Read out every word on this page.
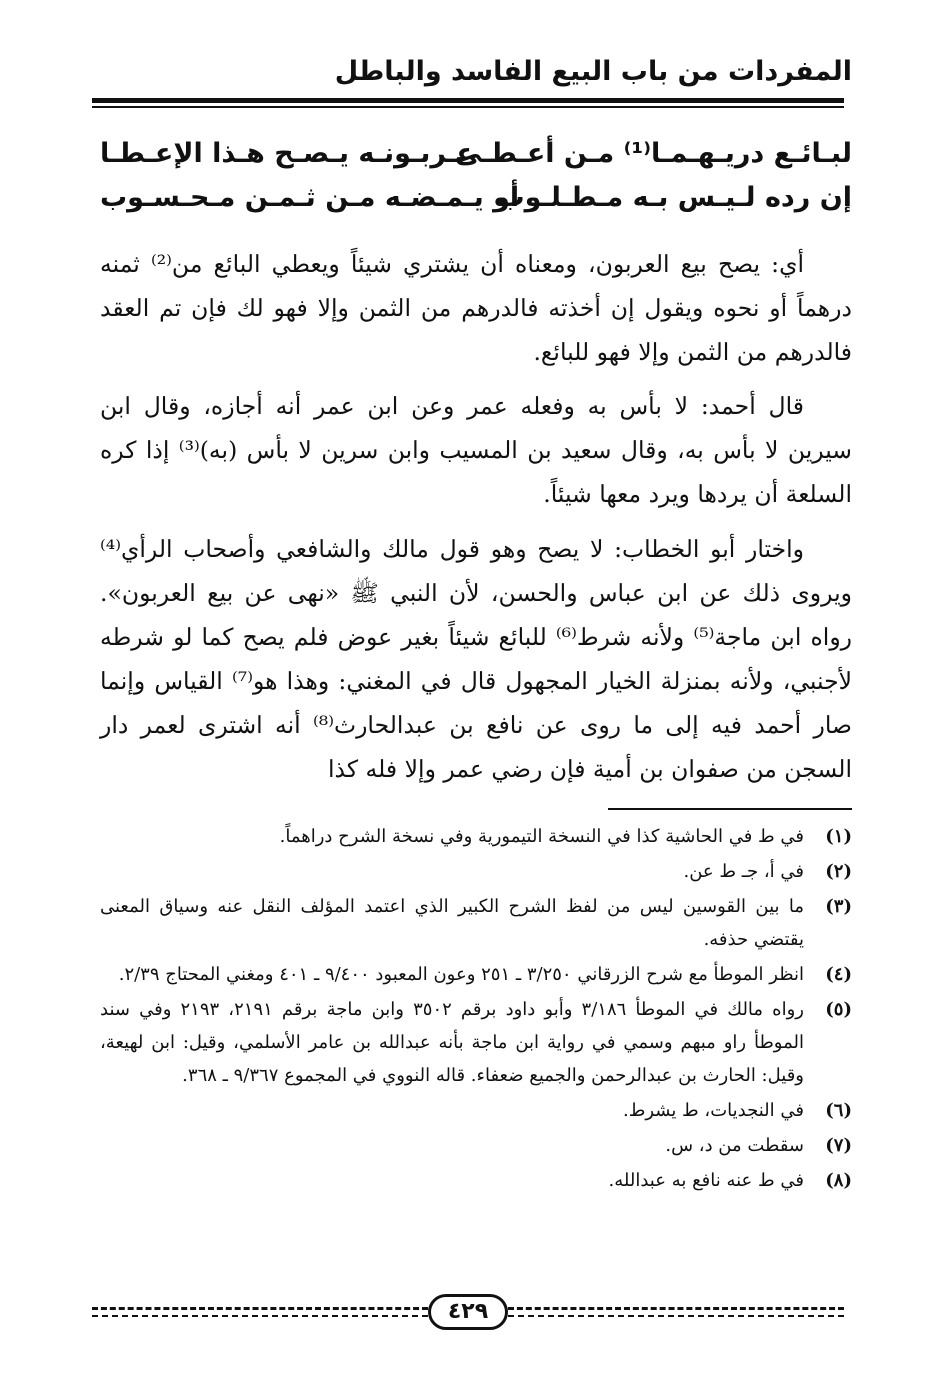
المفردات من باب البيع الفاسد والباطل
لبـائـع دريـهـمـا⁽¹⁾ مـن أعـطـى
عـربـونـه يـصـح هـذا الإعـطـا
إن رده لـيـس بـه مـطـلـوب
أو يـمـضـه مـن ثـمـن مـحـسـوب

أي: يصح بيع العربون، ومعناه أن يشتري شيئاً ويعطي البائع من⁽²⁾ ثمنه درهماً أو نحوه ويقول إن أخذته فالدرهم من الثمن وإلا فهو لك فإن تم العقد فالدرهم من الثمن وإلا فهو للبائع.

قال أحمد: لا بأس به وفعله عمر وعن ابن عمر أنه أجازه، وقال ابن سيرين لا بأس به، وقال سعيد بن المسيب وابن سرين لا بأس (به)⁽³⁾ إذا كره السلعة أن يردها ويرد معها شيئاً.

واختار أبو الخطاب: لا يصح وهو قول مالك والشافعي وأصحاب الرأي⁽⁴⁾ ويروى ذلك عن ابن عباس والحسن، لأن النبي ﷺ «نهى عن بيع العربون». رواه ابن ماجة⁽⁵⁾ ولأنه شرط⁽⁶⁾ للبائع شيئاً بغير عوض فلم يصح كما لو شرطه لأجنبي، ولأنه بمنزلة الخيار المجهول قال في المغني: وهذا هو⁽⁷⁾ القياس وإنما صار أحمد فيه إلى ما روى عن نافع بن عبدالحارث⁽⁸⁾ أنه اشترى لعمر دار السجن من صفوان بن أمية فإن رضي عمر وإلا فله كذا

(١)
في ط في الحاشية كذا في النسخة التيمورية وفي نسخة الشرح دراهماً.
(٢)
في أ، جـ ط عن.
(٣)
ما بين القوسين ليس من لفظ الشرح الكبير الذي اعتمد المؤلف النقل عنه وسياق المعنى يقتضي حذفه.
(٤)
انظر الموطأ مع شرح الزرقاني ٣/٢٥٠ ـ ٢٥١ وعون المعبود ٩/٤٠٠ ـ ٤٠١ ومغني المحتاج ٢/٣٩.
(٥)
رواه مالك في الموطأ ٣/١٨٦ وأبو داود برقم ٣٥٠٢ وابن ماجة برقم ٢١٩١، ٢١٩٣ وفي سند الموطأ راو مبهم وسمي في رواية ابن ماجة بأنه عبدالله بن عامر الأسلمي، وقيل: ابن لهيعة، وقيل: الحارث بن عبدالرحمن والجميع ضعفاء. قاله النووي في المجموع ٩/٣٦٧ ـ ٣٦٨.
(٦)
في النجديات، ط يشرط.
(٧)
سقطت من د، س.
(٨)
في ط عنه نافع به عبدالله.
٤٢٩
